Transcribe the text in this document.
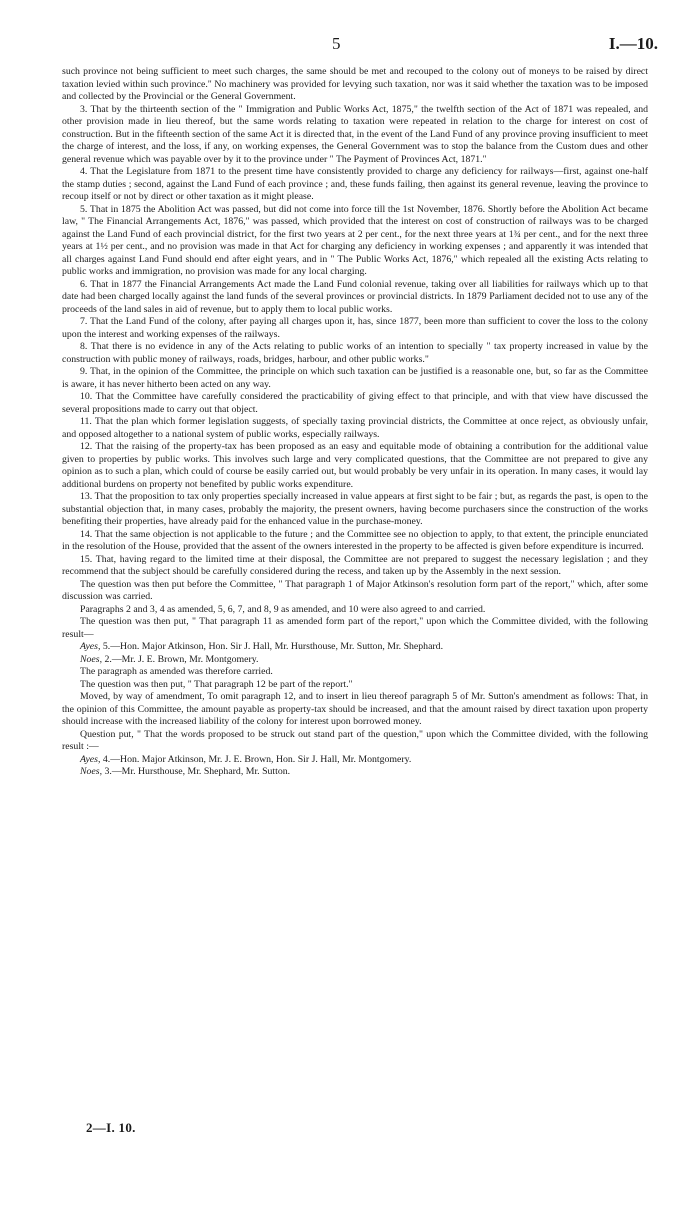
5	I.—10.

such province not being sufficient to meet such charges, the same should be met and recouped to the colony out of moneys to be raised by direct taxation levied within such province." No machinery was provided for levying such taxation, nor was it said whether the taxation was to be imposed and collected by the Provincial or the General Government.

3. That by the thirteenth section of the " Immigration and Public Works Act, 1875," the twelfth section of the Act of 1871 was repealed, and other provision made in lieu thereof, but the same words relating to taxation were repeated in relation to the charge for interest on cost of construction. But in the fifteenth section of the same Act it is directed that, in the event of the Land Fund of any province proving insufficient to meet the charge of interest, and the loss, if any, on working expenses, the General Government was to stop the balance from the Custom dues and other general revenue which was payable over by it to the province under " The Payment of Provinces Act, 1871."

4. That the Legislature from 1871 to the present time have consistently provided to charge any deficiency for railways—first, against one-half the stamp duties ; second, against the Land Fund of each province ; and, these funds failing, then against its general revenue, leaving the province to recoup itself or not by direct or other taxation as it might please.

5. That in 1875 the Abolition Act was passed, but did not come into force till the 1st November, 1876. Shortly before the Abolition Act became law, " The Financial Arrangements Act, 1876," was passed, which provided that the interest on cost of construction of railways was to be charged against the Land Fund of each provincial district, for the first two years at 2 per cent., for the next three years at 1¾ per cent., and for the next three years at 1½ per cent., and no provision was made in that Act for charging any deficiency in working expenses ; and apparently it was intended that all charges against Land Fund should end after eight years, and in " The Public Works Act, 1876," which repealed all the existing Acts relating to public works and immigration, no provision was made for any local charging.

6. That in 1877 the Financial Arrangements Act made the Land Fund colonial revenue, taking over all liabilities for railways which up to that date had been charged locally against the land funds of the several provinces or provincial districts. In 1879 Parliament decided not to use any of the proceeds of the land sales in aid of revenue, but to apply them to local public works.

7. That the Land Fund of the colony, after paying all charges upon it, has, since 1877, been more than sufficient to cover the loss to the colony upon the interest and working expenses of the railways.

8. That there is no evidence in any of the Acts relating to public works of an intention to specially " tax property increased in value by the construction with public money of railways, roads, bridges, harbour, and other public works."

9. That, in the opinion of the Committee, the principle on which such taxation can be justified is a reasonable one, but, so far as the Committee is aware, it has never hitherto been acted on any way.

10. That the Committee have carefully considered the practicability of giving effect to that principle, and with that view have discussed the several propositions made to carry out that object.

11. That the plan which former legislation suggests, of specially taxing provincial districts, the Committee at once reject, as obviously unfair, and opposed altogether to a national system of public works, especially railways.

12. That the raising of the property-tax has been proposed as an easy and equitable mode of obtaining a contribution for the additional value given to properties by public works. This involves such large and very complicated questions, that the Committee are not prepared to give any opinion as to such a plan, which could of course be easily carried out, but would probably be very unfair in its operation. In many cases, it would lay additional burdens on property not benefited by public works expenditure.

13. That the proposition to tax only properties specially increased in value appears at first sight to be fair ; but, as regards the past, is open to the substantial objection that, in many cases, probably the majority, the present owners, having become purchasers since the construction of the works benefiting their properties, have already paid for the enhanced value in the purchase-money.

14. That the same objection is not applicable to the future ; and the Committee see no objection to apply, to that extent, the principle enunciated in the resolution of the House, provided that the assent of the owners interested in the property to be affected is given before expenditure is incurred.

15. That, having regard to the limited time at their disposal, the Committee are not prepared to suggest the necessary legislation ; and they recommend that the subject should be carefully considered during the recess, and taken up by the Assembly in the next session.

The question was then put before the Committee, " That paragraph 1 of Major Atkinson's resolution form part of the report," which, after some discussion was carried.

Paragraphs 2 and 3, 4 as amended, 5, 6, 7, and 8, 9 as amended, and 10 were also agreed to and carried.

The question was then put, " That paragraph 11 as amended form part of the report," upon which the Committee divided, with the following result—

Ayes, 5.—Hon. Major Atkinson, Hon. Sir J. Hall, Mr. Hursthouse, Mr. Sutton, Mr. Shephard.

Noes, 2.—Mr. J. E. Brown, Mr. Montgomery.

The paragraph as amended was therefore carried.

The question was then put, " That paragraph 12 be part of the report."

Moved, by way of amendment, To omit paragraph 12, and to insert in lieu thereof paragraph 5 of Mr. Sutton's amendment as follows: That, in the opinion of this Committee, the amount payable as property-tax should be increased, and that the amount raised by direct taxation upon property should increase with the increased liability of the colony for interest upon borrowed money.

Question put, " That the words proposed to be struck out stand part of the question," upon which the Committee divided, with the following result :—

Ayes, 4.—Hon. Major Atkinson, Mr. J. E. Brown, Hon. Sir J. Hall, Mr. Montgomery.

Noes, 3.—Mr. Hursthouse, Mr. Shephard, Mr. Sutton.

2—I. 10.
